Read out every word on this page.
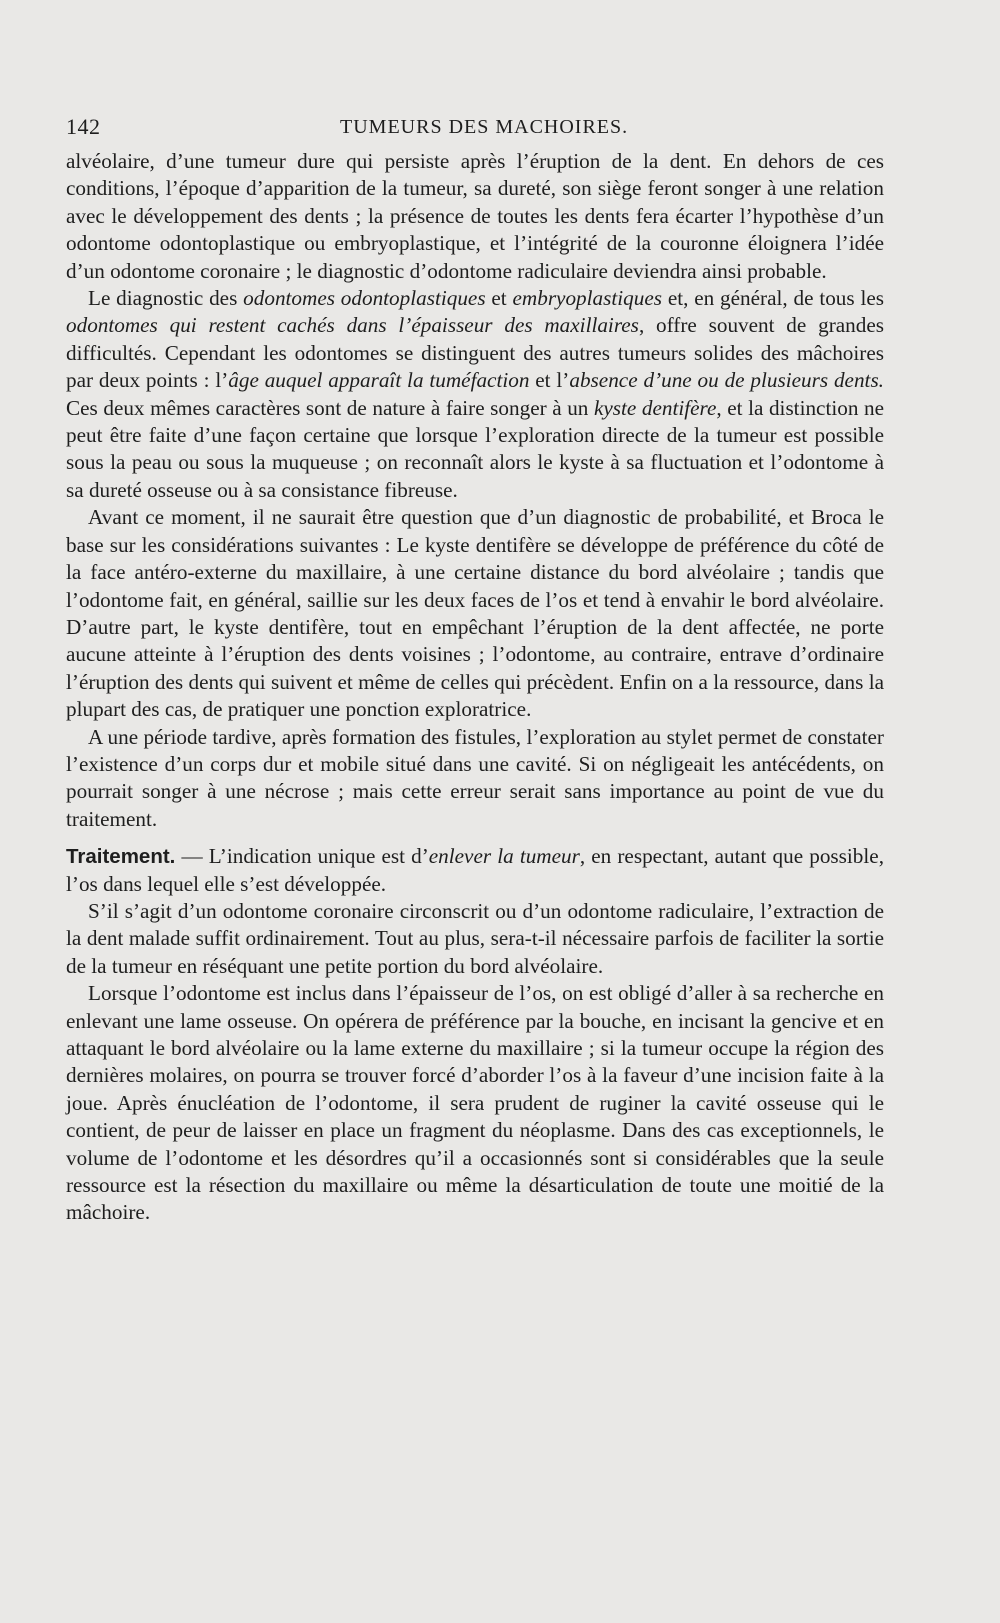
142	TUMEURS DES MACHOIRES.

alvéolaire, d’une tumeur dure qui persiste après l’éruption de la dent. En dehors de ces conditions, l’époque d’apparition de la tumeur, sa dureté, son siège feront songer à une relation avec le développement des dents ; la présence de toutes les dents fera écarter l’hypothèse d’un odontome odontoplastique ou embryoplastique, et l’intégrité de la couronne éloignera l’idée d’un odontome coronaire ; le diagnostic d’odontome radiculaire deviendra ainsi probable.

Le diagnostic des odontomes odontoplastiques et embryoplastiques et, en général, de tous les odontomes qui restent cachés dans l’épaisseur des maxillaires, offre souvent de grandes difficultés. Cependant les odontomes se distinguent des autres tumeurs solides des mâchoires par deux points : l’âge auquel apparaît la tuméfaction et l’absence d’une ou de plusieurs dents. Ces deux mêmes caractères sont de nature à faire songer à un kyste dentifère, et la distinction ne peut être faite d’une façon certaine que lorsque l’exploration directe de la tumeur est possible sous la peau ou sous la muqueuse ; on reconnaît alors le kyste à sa fluctuation et l’odontome à sa dureté osseuse ou à sa consistance fibreuse.

Avant ce moment, il ne saurait être question que d’un diagnostic de probabilité, et Broca le base sur les considérations suivantes : Le kyste dentifère se développe de préférence du côté de la face antéro-externe du maxillaire, à une certaine distance du bord alvéolaire ; tandis que l’odontome fait, en général, saillie sur les deux faces de l’os et tend à envahir le bord alvéolaire. D’autre part, le kyste dentifère, tout en empêchant l’éruption de la dent affectée, ne porte aucune atteinte à l’éruption des dents voisines ; l’odontome, au contraire, entrave d’ordinaire l’éruption des dents qui suivent et même de celles qui précèdent. Enfin on a la ressource, dans la plupart des cas, de pratiquer une ponction exploratrice.

A une période tardive, après formation des fistules, l’exploration au stylet permet de constater l’existence d’un corps dur et mobile situé dans une cavité. Si on négligeait les antécédents, on pourrait songer à une nécrose ; mais cette erreur serait sans importance au point de vue du traitement.

Traitement. — L’indication unique est d’enlever la tumeur, en respectant, autant que possible, l’os dans lequel elle s’est développée.

S’il s’agit d’un odontome coronaire circonscrit ou d’un odontome radiculaire, l’extraction de la dent malade suffit ordinairement. Tout au plus, sera-t-il nécessaire parfois de faciliter la sortie de la tumeur en réséquant une petite portion du bord alvéolaire.

Lorsque l’odontome est inclus dans l’épaisseur de l’os, on est obligé d’aller à sa recherche en enlevant une lame osseuse. On opérera de préférence par la bouche, en incisant la gencive et en attaquant le bord alvéolaire ou la lame externe du maxillaire ; si la tumeur occupe la région des dernières molaires, on pourra se trouver forcé d’aborder l’os à la faveur d’une incision faite à la joue. Après énucléation de l’odontome, il sera prudent de ruginer la cavité osseuse qui le contient, de peur de laisser en place un fragment du néoplasme. Dans des cas exceptionnels, le volume de l’odontome et les désordres qu’il a occasionnés sont si considérables que la seule ressource est la résection du maxillaire ou même la désarticulation de toute une moitié de la mâchoire.
